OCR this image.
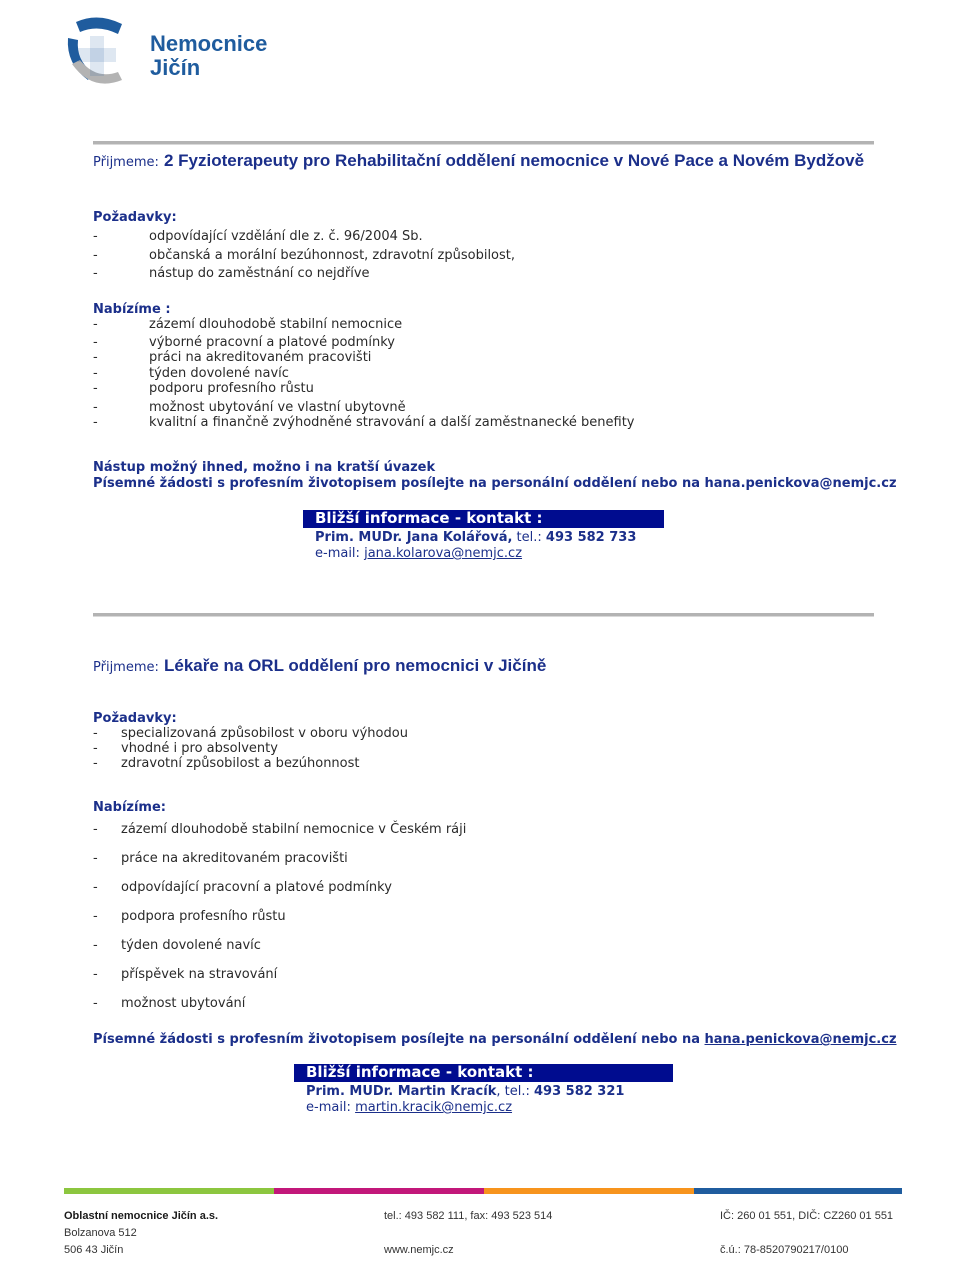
Nemocnice
Jičín
Přijmeme: 2 Fyzioterapeuty pro Rehabilitační oddělení nemocnice v Nové Pace a Novém Bydžově
Požadavky:
- odpovídající vzdělání dle z. č. 96/2004 Sb.
- občanská a morální bezúhonnost, zdravotní způsobilost,
- nástup do zaměstnání co nejdříve
Nabízíme :
- zázemí dlouhodobě stabilní nemocnice
- výborné pracovní a platové podmínky
- práci na akreditovaném pracovišti
- týden dovolené navíc
- podporu profesního růstu
- možnost ubytování ve vlastní ubytovně
- kvalitní a finančně zvýhodněné stravování a další zaměstnanecké benefity
Nástup možný ihned, možno i na kratší úvazek
Písemné žádosti s profesním životopisem posílejte na personální oddělení nebo na hana.penickova@nemjc.cz
Bližší informace - kontakt :
Prim. MUDr. Jana Kolářová, tel.: 493 582 733
e-mail: jana.kolarova@nemjc.cz
Přijmeme: Lékaře na ORL oddělení pro nemocnici v Jičíně
Požadavky:
- specializovaná způsobilost v oboru výhodou
- vhodné i pro absolventy
- zdravotní způsobilost a bezúhonnost
Nabízíme:
- zázemí dlouhodobě stabilní nemocnice v Českém ráji
- práce na akreditovaném pracovišti
- odpovídající pracovní a platové podmínky
- podpora profesního růstu
- týden dovolené navíc
- příspěvek na stravování
- možnost ubytování
Písemné žádosti s profesním životopisem posílejte na personální oddělení nebo na hana.penickova@nemjc.cz
Bližší informace - kontakt :
Prim. MUDr. Martin Kracík, tel.: 493 582 321
e-mail: martin.kracik@nemjc.cz
Oblastní nemocnice Jičín a.s.
Bolzanova 512
506 43 Jičín
tel.: 493 582 111, fax: 493 523 514
www.nemjc.cz
IČ: 260 01 551, DIČ: CZ260 01 551
č.ú.: 78-8520790217/0100
